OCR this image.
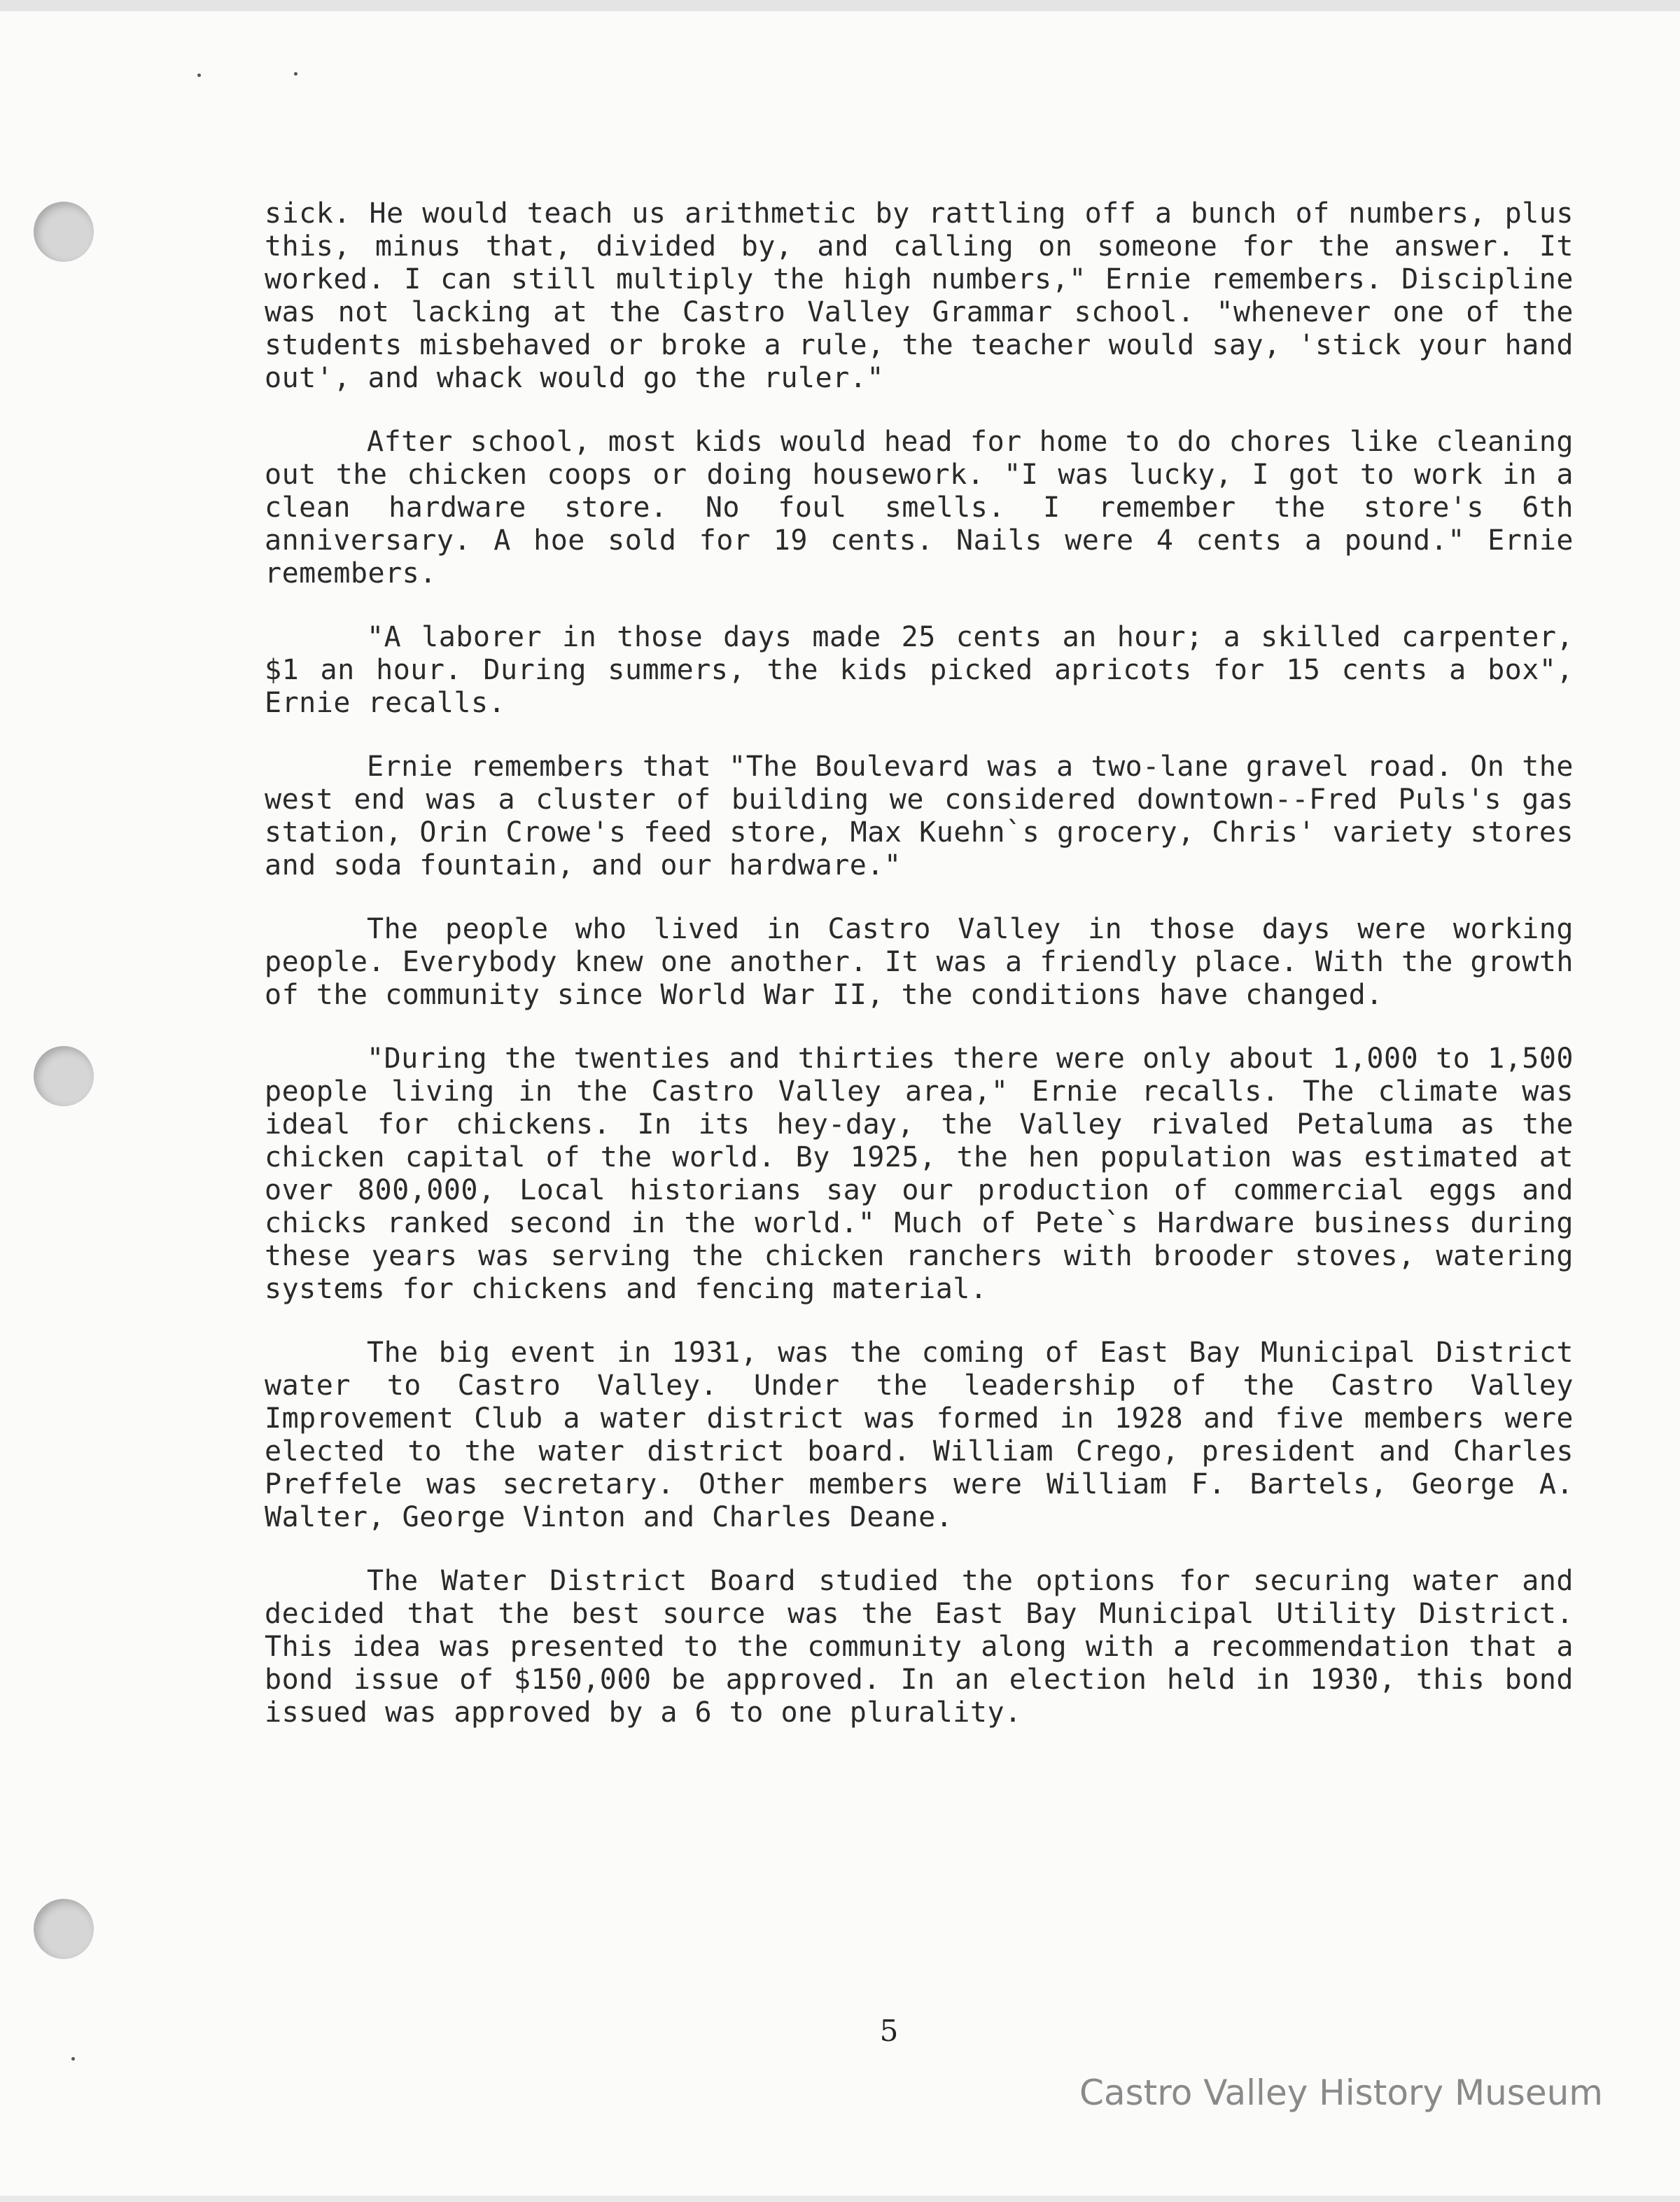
sick. He would teach us arithmetic by rattling off a bunch of numbers, plus this, minus that, divided by, and calling on someone for the answer. It worked. I can still multiply the high numbers," Ernie remembers. Discipline was not lacking at the Castro Valley Grammar school. "whenever one of the students misbehaved or broke a rule, the teacher would say, 'stick your hand out', and whack would go the ruler."

After school, most kids would head for home to do chores like cleaning out the chicken coops or doing housework. "I was lucky, I got to work in a clean hardware store. No foul smells. I remember the store's 6th anniversary. A hoe sold for 19 cents. Nails were 4 cents a pound." Ernie remembers.

"A laborer in those days made 25 cents an hour; a skilled carpenter, $1 an hour. During summers, the kids picked apricots for 15 cents a box", Ernie recalls.

Ernie remembers that "The Boulevard was a two-lane gravel road. On the west end was a cluster of building we considered downtown--Fred Puls's gas station, Orin Crowe's feed store, Max Kuehn`s grocery, Chris' variety stores and soda fountain, and our hardware."

The people who lived in Castro Valley in those days were working people. Everybody knew one another. It was a friendly place. With the growth of the community since World War II, the conditions have changed.

"During the twenties and thirties there were only about 1,000 to 1,500 people living in the Castro Valley area," Ernie recalls. The climate was ideal for chickens. In its hey-day, the Valley rivaled Petaluma as the chicken capital of the world. By 1925, the hen population was estimated at over 800,000, Local historians say our production of commercial eggs and chicks ranked second in the world." Much of Pete`s Hardware business during these years was serving the chicken ranchers with brooder stoves, watering systems for chickens and fencing material.

The big event in 1931, was the coming of East Bay Municipal District water to Castro Valley. Under the leadership of the Castro Valley Improvement Club a water district was formed in 1928 and five members were elected to the water district board. William Crego, president and Charles Preffele was secretary. Other members were William F. Bartels, George A. Walter, George Vinton and Charles Deane.

The Water District Board studied the options for securing water and decided that the best source was the East Bay Municipal Utility District. This idea was presented to the community along with a recommendation that a bond issue of $150,000 be approved. In an election held in 1930, this bond issued was approved by a 6 to one plurality.

5
Castro Valley History Museum
